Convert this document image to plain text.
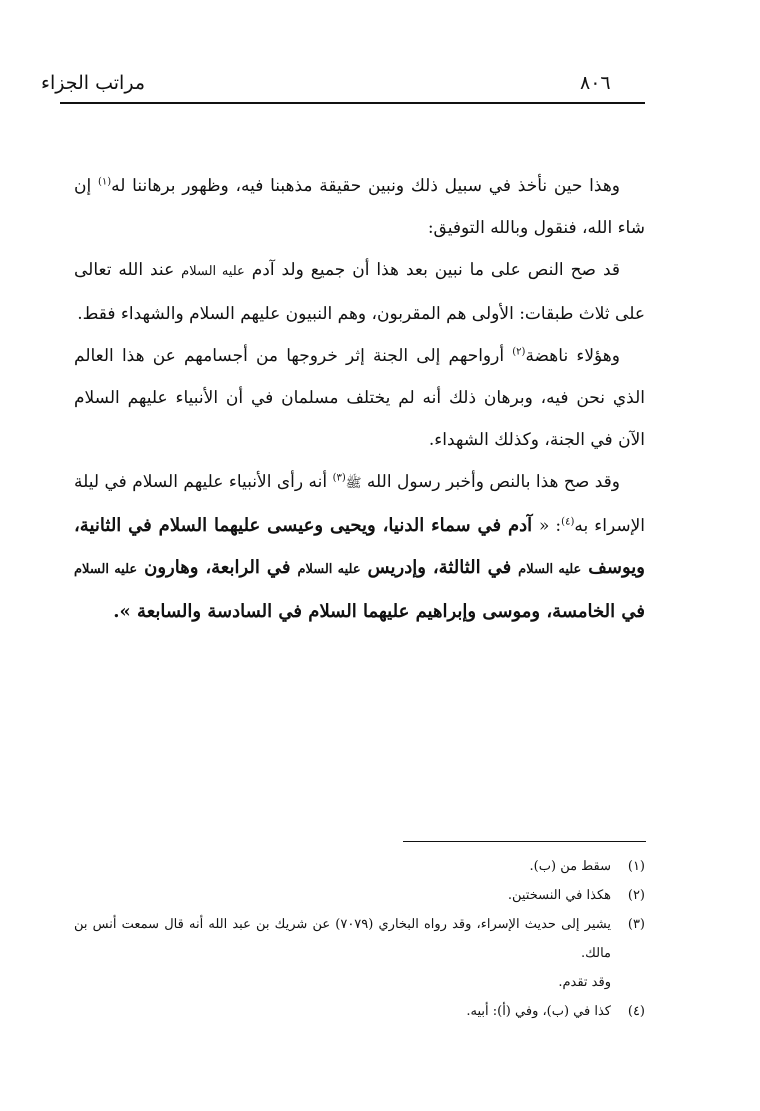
مراتب الجزاء	٨٠٦

وهذا حين نأخذ في سبيل ذلك ونبين حقيقة مذهبنا فيه، وظهور برهاننا له$^{(١)}$ إن شاء الله، فنقول وبالله التوفيق:

قد صح النص على ما نبين بعد هذا أن جميع ولد آدم عليه السلام عند الله تعالى على ثلاث طبقات: الأولى هم المقربون، وهم النبيون عليهم السلام والشهداء فقط.

وهؤلاء ناهضة$^{(٢)}$ أرواحهم إلى الجنة إثر خروجها من أجسامهم عن هذا العالم الذي نحن فيه، وبرهان ذلك أنه لم يختلف مسلمان في أن الأنبياء عليهم السلام الآن في الجنة، وكذلك الشهداء.

وقد صح هذا بالنص وأخبر رسول الله ﷺ$^{(٣)}$ أنه رأى الأنبياء عليهم السلام في ليلة الإسراء به$^{(٤)}$: « آدم في سماء الدنيا، ويحيى وعيسى عليهما السلام في الثانية، ويوسف عليه السلام في الثالثة، وإدريس عليه السلام في الرابعة، وهارون عليه السلام في الخامسة، وموسى وإبراهيم عليهما السلام في السادسة والسابعة ».

(١)
سقط من (ب).
(٢)
هكذا في النسختين.
(٣)
يشير إلى حديث الإسراء، وقد رواه البخاري (٧٠٧٩) عن شريك بن عبد الله أنه قال سمعت أنس بن مالك.
وقد تقدم.
(٤)
كذا في (ب)، وفي (أ): أبيه.
